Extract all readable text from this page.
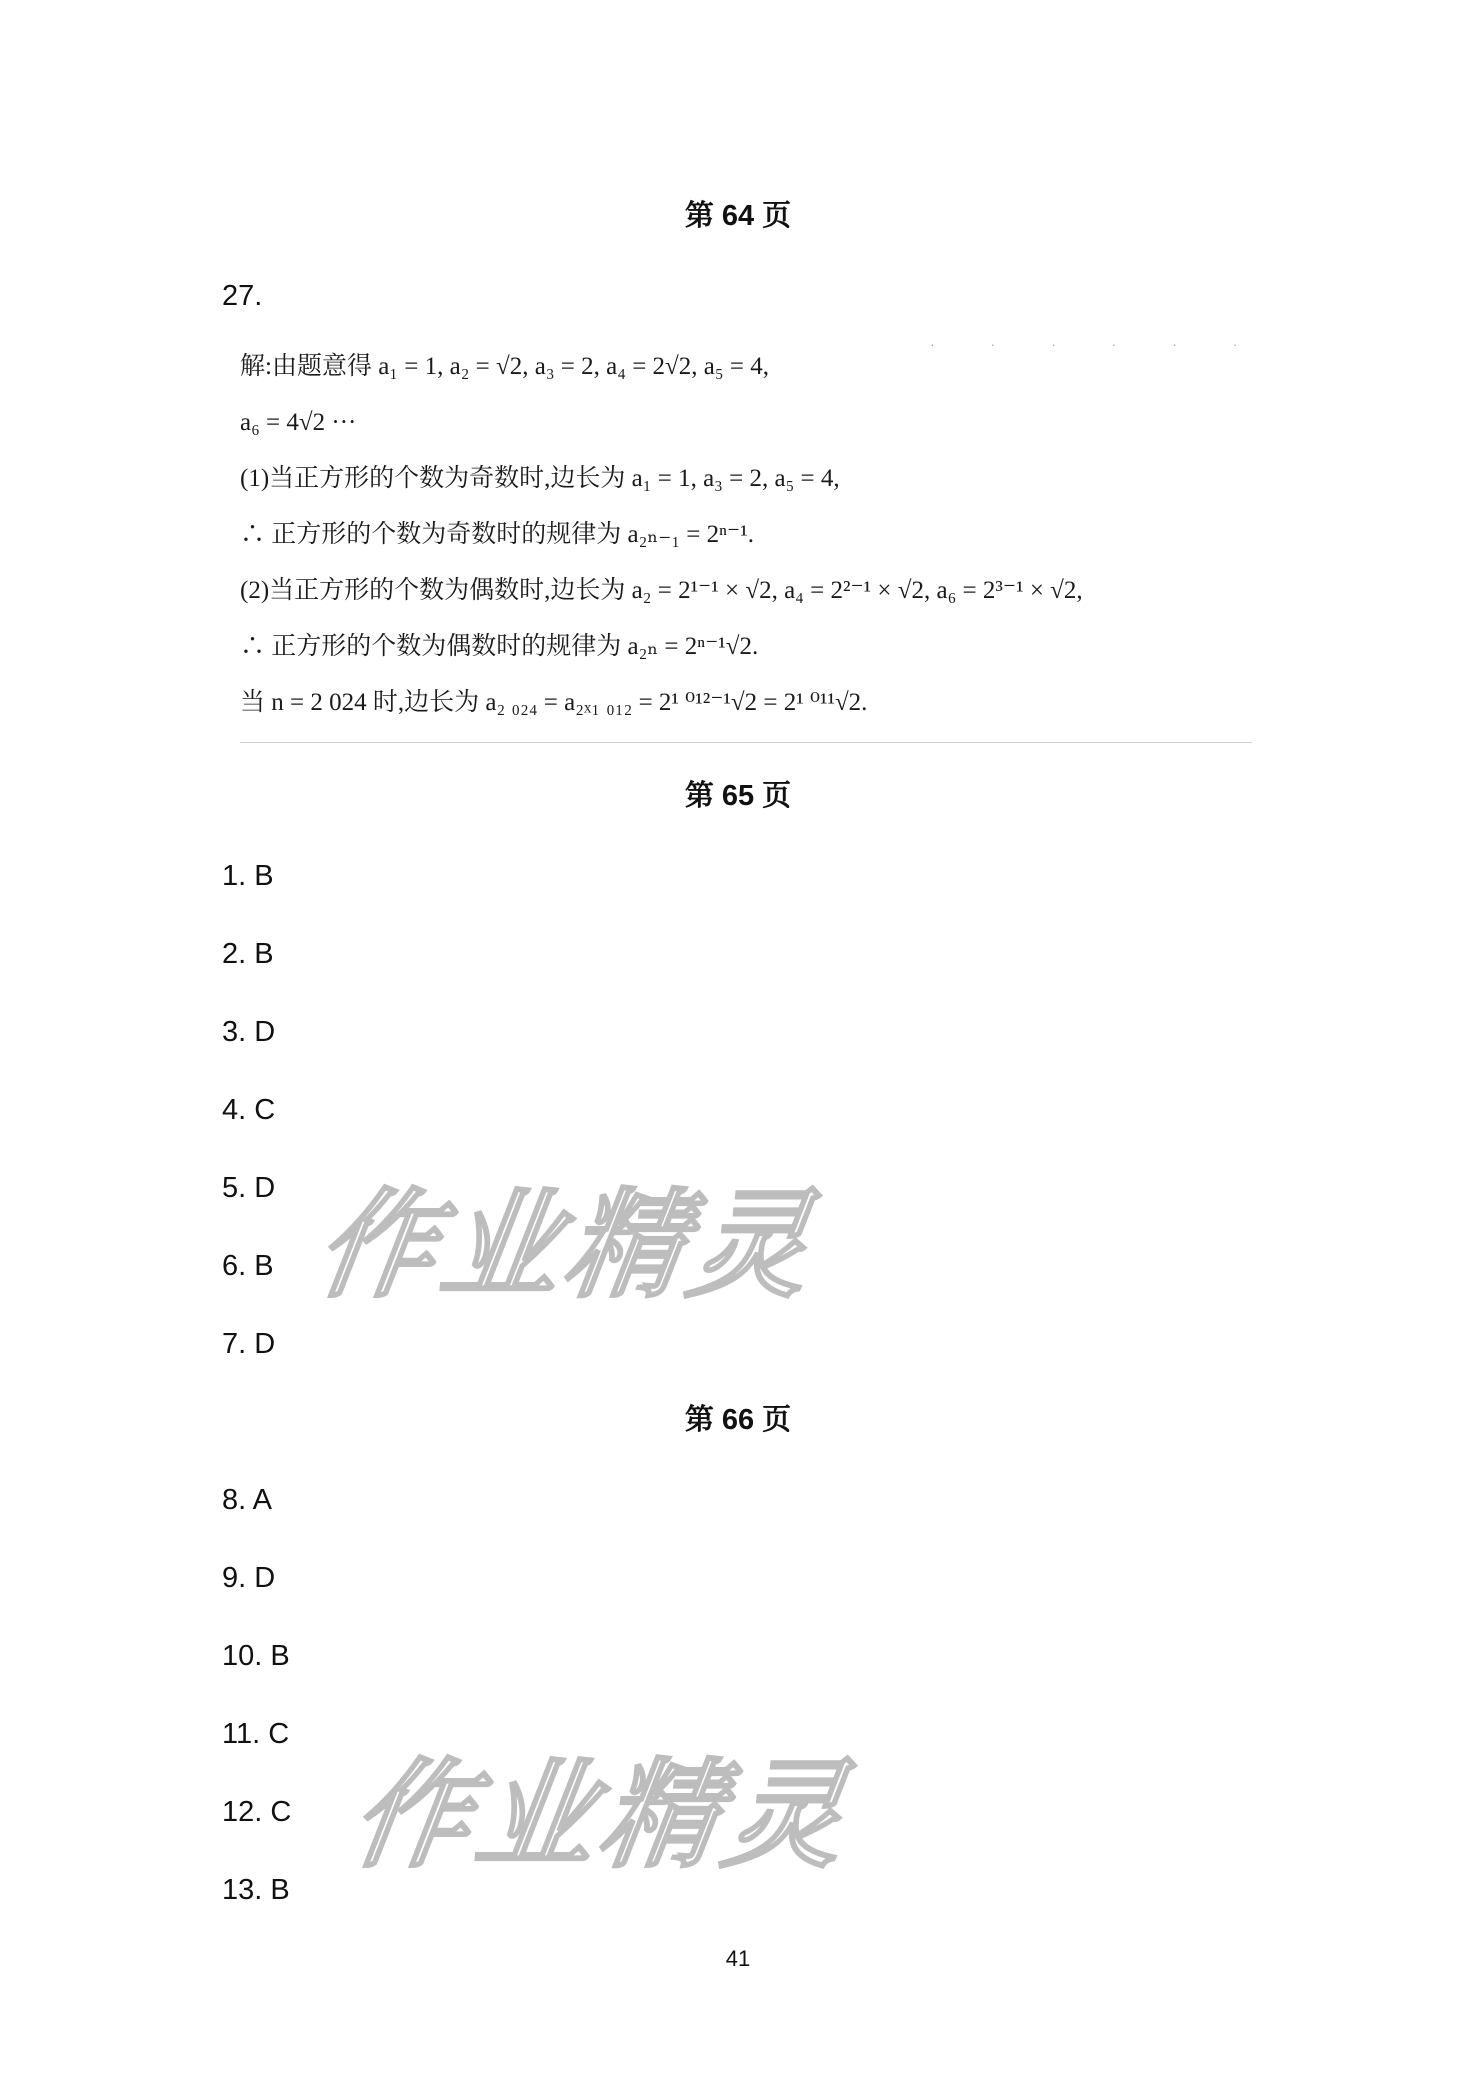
第 64 页
27.
· · · · · ·
解:由题意得 a₁ = 1, a₂ = √2, a₃ = 2, a₄ = 2√2, a₅ = 4,
a₆ = 4√2 ···
(1)当正方形的个数为奇数时,边长为 a₁ = 1, a₃ = 2, a₅ = 4,
∴ 正方形的个数为奇数时的规律为 a₂ₙ₋₁ = 2ⁿ⁻¹.
(2)当正方形的个数为偶数时,边长为 a₂ = 2¹⁻¹ × √2, a₄ = 2²⁻¹ × √2, a₆ = 2³⁻¹ × √2,
∴ 正方形的个数为偶数时的规律为 a₂ₙ = 2ⁿ⁻¹√2.
当 n = 2 024 时,边长为 a₂ ₀₂₄ = a₂ₓ₁ ₀₁₂ = 2¹ ⁰¹²⁻¹√2 = 2¹ ⁰¹¹√2.
第 65 页
1. B
2. B
3. D
4. C
5. D
6. B
7. D
第 66 页
8. A
9. D
10. B
11. C
12. C
13. B
作业精灵
作业精灵
41
